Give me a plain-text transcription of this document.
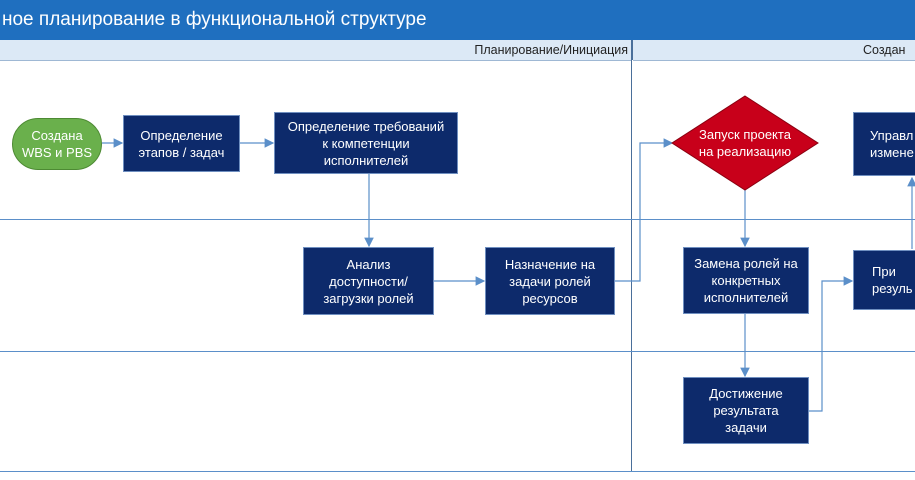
ное планирование в функциональной структуре
Планирование/Инициация	Создан
Создана
WBS и PBS
Определение
этапов / задач
Определение требований
к компетенции
исполнителей
Анализ
доступности/
загрузки ролей
Назначение на
задачи ролей
ресурсов
Запуск проекта
на реализацию
Замена ролей на
конкретных
исполнителей
Достижение
результата
задачи
Управл
измене
При
резуль
